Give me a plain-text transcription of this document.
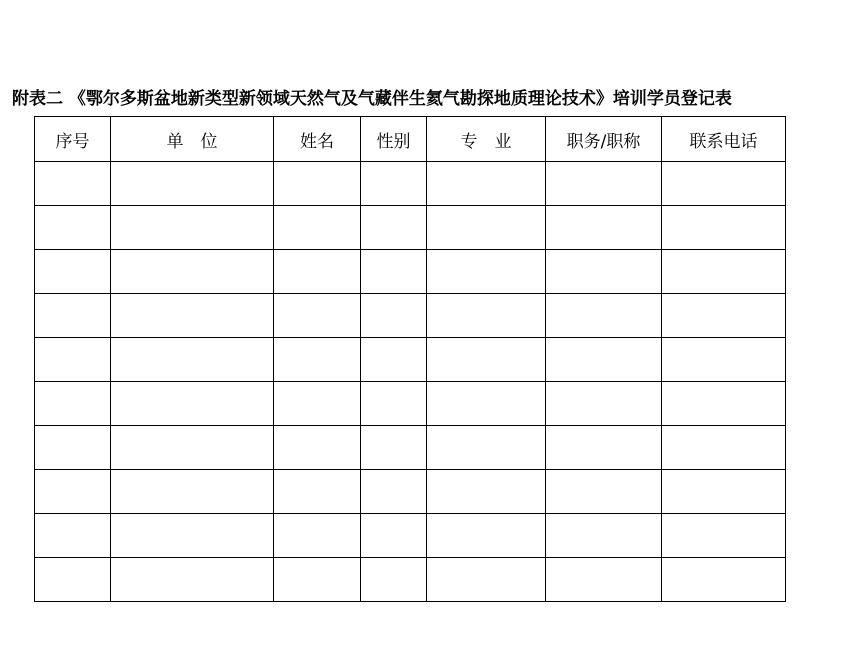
附表二 《鄂尔多斯盆地新类型新领域天然气及气藏伴生氦气勘探地质理论技术》培训学员登记表
序号	单　位	姓名	性别	专　业	职务/职称	联系电话
